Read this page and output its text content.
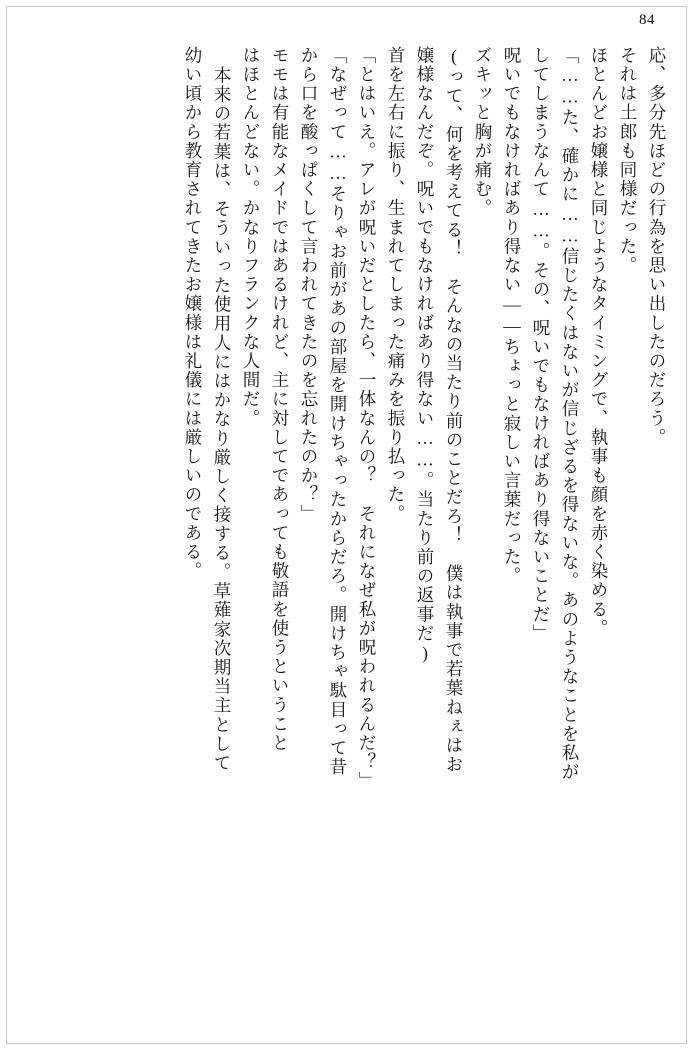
84
応、多分先ほどの行為を思い出したのだろう。
それは土郎も同様だった。
ほとんどお嬢様と同じようなタイミングで、執事も顔を赤く染める。
「……た、確かに……信じたくはないが信じざるを得ないな。あのようなことを私が
してしまうなんて……。その、呪いでもなければあり得ないことだ」
呪いでもなければあり得ない――ちょっと寂しい言葉だった。
ズキッと胸が痛む。
(って、何を考えてる！　そんなの当たり前のことだろ！　僕は執事で若葉ねぇはお
嬢様なんだぞ。呪いでもなければあり得ない……。当たり前の返事だ)
首を左右に振り、生まれてしまった痛みを振り払った。
「とはいえ。アレが呪いだとしたら、一体なんの？　それになぜ私が呪われるんだ？」
「なぜって……そりゃお前があの部屋を開けちゃったからだろ。開けちゃ駄目って昔
から口を酸っぱくして言われてきたのを忘れたのか？」
モモは有能なメイドではあるけれど、主に対してであっても敬語を使うということ
はほとんどない。かなりフランクな人間だ。
本来の若葉は、そういった使用人にはかなり厳しく接する。草薙家次期当主として
幼い頃から教育されてきたお嬢様は礼儀には厳しいのである。
